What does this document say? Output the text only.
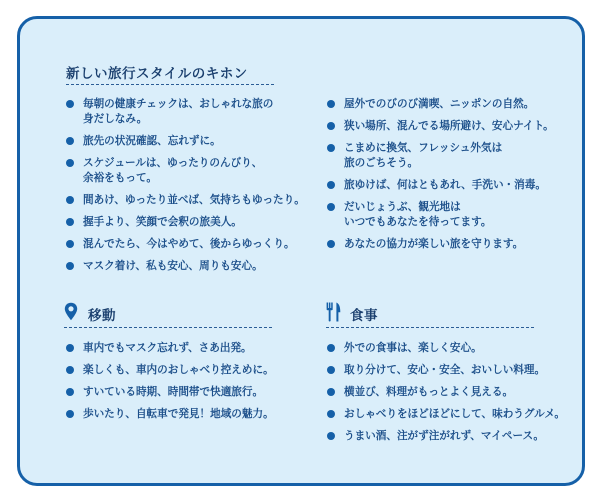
新しい旅行スタイルのキホン
毎朝の健康チェックは、おしゃれな旅の
身だしなみ。
旅先の状況確認、忘れずに。
スケジュールは、ゆったりのんびり、
余裕をもって。
間あけ、ゆったり並べば、気持ちもゆったり。
握手より、笑顔で会釈の旅美人。
混んでたら、今はやめて、後からゆっくり。
マスク着け、私も安心、周りも安心。
屋外でのびのび満喫、ニッポンの自然。
狭い場所、混んでる場所避け、安心ナイト。
こまめに換気、フレッシュ外気は
旅のごちそう。
旅ゆけば、何はともあれ、手洗い・消毒。
だいじょうぶ、観光地は
いつでもあなたを待ってます。
あなたの協力が楽しい旅を守ります。
移動
車内でもマスク忘れず、さあ出発。
楽しくも、車内のおしゃべり控えめに。
すいている時期、時間帯で快適旅行。
歩いたり、自転車で発見！地域の魅力。
食事
外での食事は、楽しく安心。
取り分けて、安心・安全、おいしい料理。
横並び、料理がもっとよく見える。
おしゃべりをほどほどにして、味わうグルメ。
うまい酒、注がず注がれず、マイペース。
